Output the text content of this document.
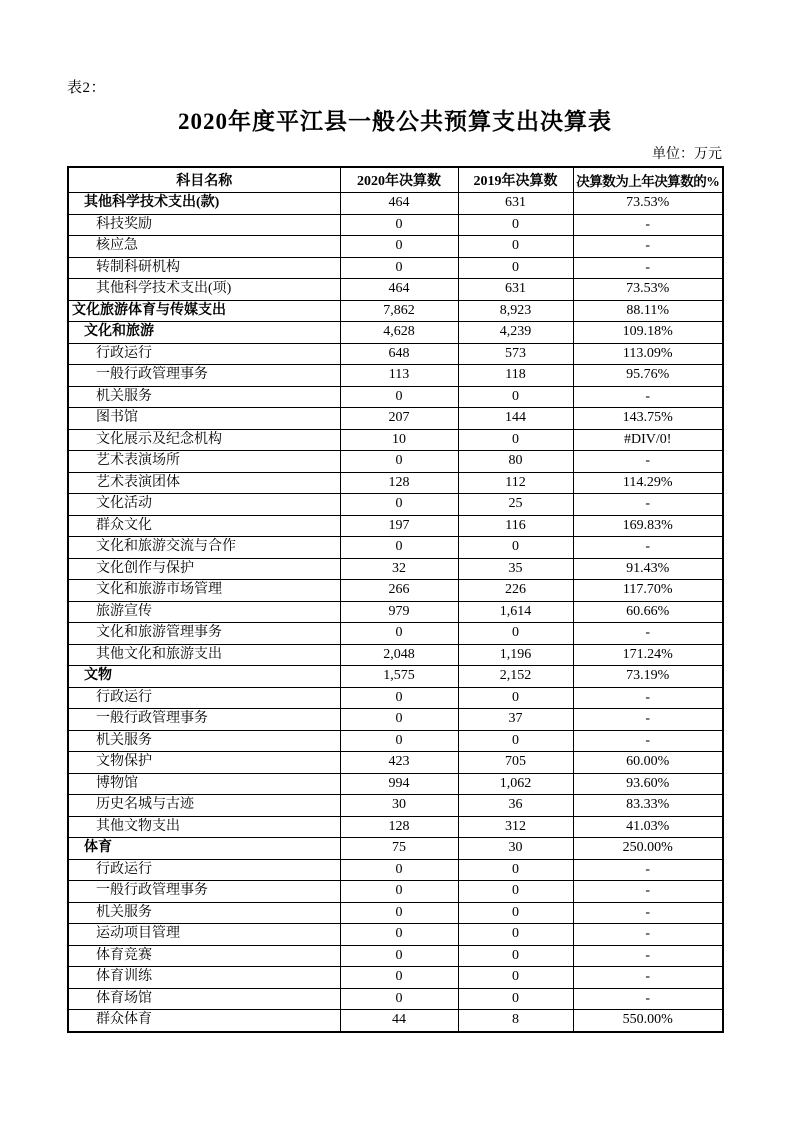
表2：
2020年度平江县一般公共预算支出决算表
单位：万元
科目名称	2020年决算数	2019年决算数	决算数为上年决算数的%
其他科学技术支出(款)	464	631	73.53%
科技奖励	0	0	-
核应急	0	0	-
转制科研机构	0	0	-
其他科学技术支出(项)	464	631	73.53%
文化旅游体育与传媒支出	7,862	8,923	88.11%
文化和旅游	4,628	4,239	109.18%
行政运行	648	573	113.09%
一般行政管理事务	113	118	95.76%
机关服务	0	0	-
图书馆	207	144	143.75%
文化展示及纪念机构	10	0	#DIV/0!
艺术表演场所	0	80	-
艺术表演团体	128	112	114.29%
文化活动	0	25	-
群众文化	197	116	169.83%
文化和旅游交流与合作	0	0	-
文化创作与保护	32	35	91.43%
文化和旅游市场管理	266	226	117.70%
旅游宣传	979	1,614	60.66%
文化和旅游管理事务	0	0	-
其他文化和旅游支出	2,048	1,196	171.24%
文物	1,575	2,152	73.19%
行政运行	0	0	-
一般行政管理事务	0	37	-
机关服务	0	0	-
文物保护	423	705	60.00%
博物馆	994	1,062	93.60%
历史名城与古迹	30	36	83.33%
其他文物支出	128	312	41.03%
体育	75	30	250.00%
行政运行	0	0	-
一般行政管理事务	0	0	-
机关服务	0	0	-
运动项目管理	0	0	-
体育竞赛	0	0	-
体育训练	0	0	-
体育场馆	0	0	-
群众体育	44	8	550.00%
